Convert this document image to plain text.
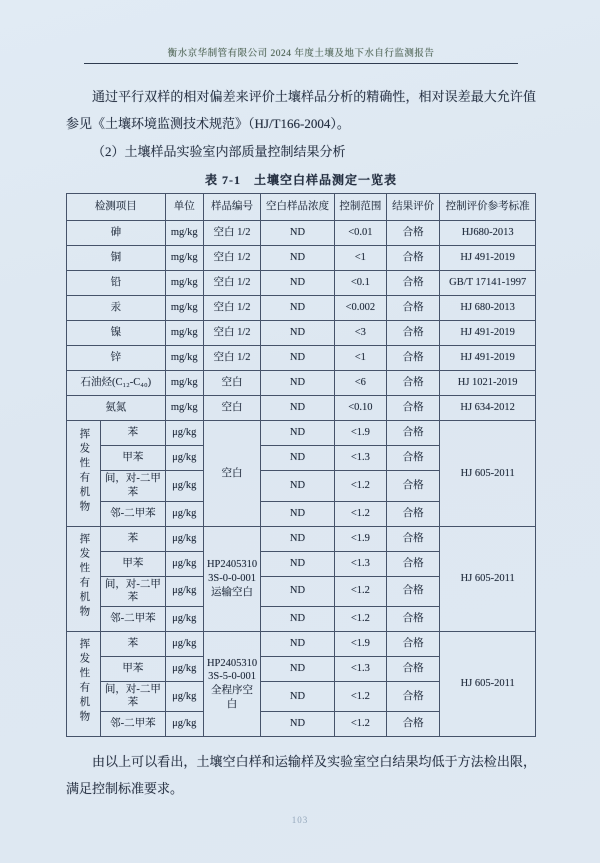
衡水京华制管有限公司 2024 年度土壤及地下水自行监测报告

通过平行双样的相对偏差来评价土壤样品分析的精确性，相对误差最大允许值参见《土壤环境监测技术规范》（HJ/T166-2004）。

（2）土壤样品实验室内部质量控制结果分析

表 7-1　土壤空白样品测定一览表
检测项目		单位	样品编号	空白样品浓度	控制范围	结果评价	控制评价参考标准
砷		mg/kg	空白 1/2	ND	<0.01	合格	HJ680-2013
铜		mg/kg	空白 1/2	ND	<1	合格	HJ 491-2019
铅		mg/kg	空白 1/2	ND	<0.1	合格	GB/T 17141-1997
汞		mg/kg	空白 1/2	ND	<0.002	合格	HJ 680-2013
镍		mg/kg	空白 1/2	ND	<3	合格	HJ 491-2019
锌		mg/kg	空白 1/2	ND	<1	合格	HJ 491-2019
石油烃(C₁₂-C₄₀)		mg/kg	空白	ND	<6	合格	HJ 1021-2019
氨氮		mg/kg	空白	ND	<0.10	合格	HJ 634-2012
挥发性有机物	苯	μg/kg	空白	ND	<1.9	合格	HJ 605-2011
	甲苯	μg/kg		ND	<1.3	合格	
	间，对-二甲苯	μg/kg		ND	<1.2	合格	
	邻-二甲苯	μg/kg		ND	<1.2	合格	
挥发性有机物	苯	μg/kg	HP24053103S-0-0-001运输空白	ND	<1.9	合格	HJ 605-2011
	甲苯	μg/kg		ND	<1.3	合格	
	间，对-二甲苯	μg/kg		ND	<1.2	合格	
	邻-二甲苯	μg/kg		ND	<1.2	合格	
挥发性有机物	苯	μg/kg	HP24053103S-5-0-001全程序空白	ND	<1.9	合格	HJ 605-2011
	甲苯	μg/kg		ND	<1.3	合格	
	间，对-二甲苯	μg/kg		ND	<1.2	合格	
	邻-二甲苯	μg/kg		ND	<1.2	合格	

由以上可以看出，土壤空白样和运输样及实验室空白结果均低于方法检出限，满足控制标准要求。

103
